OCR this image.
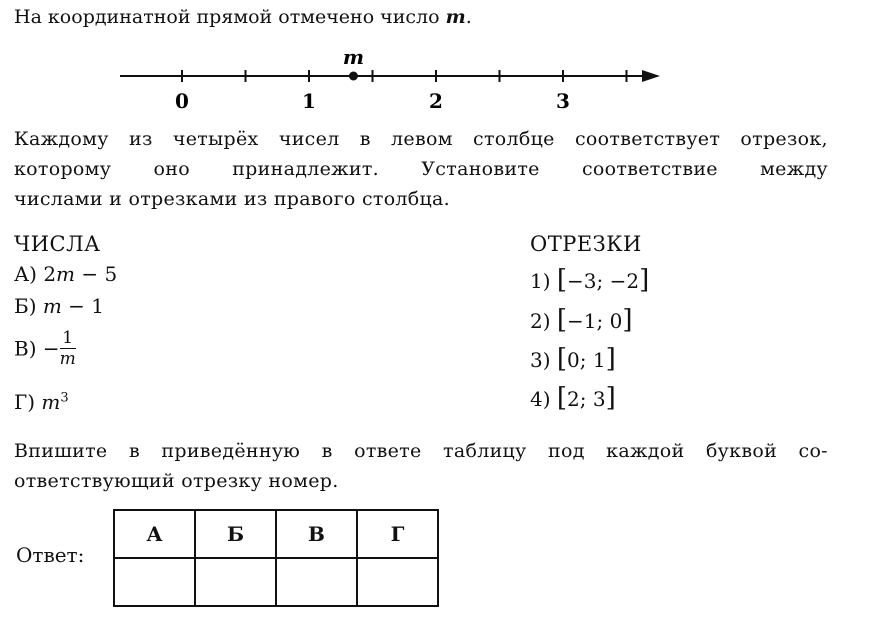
На координатной прямой отмечено число m.
0	1	2	3
m
Каждому из четырёх чисел в левом столбце соответствует отрезок,
которому оно принадлежит. Установите соответствие между
числами и отрезками из правого столбца.
ЧИСЛА
А) 2m − 5
Б) m − 1
$В) - \frac{1}{m}$
Г) $m^3$
ОТРЕЗКИ
1) [−3; −2]
2) [−1; 0]
3) [0; 1]
4) [2; 3]
Впишите в приведённую в ответе таблицу под каждой буквой со-
ответствующий отрезку номер.
Ответ:
А	Б	В	Г
